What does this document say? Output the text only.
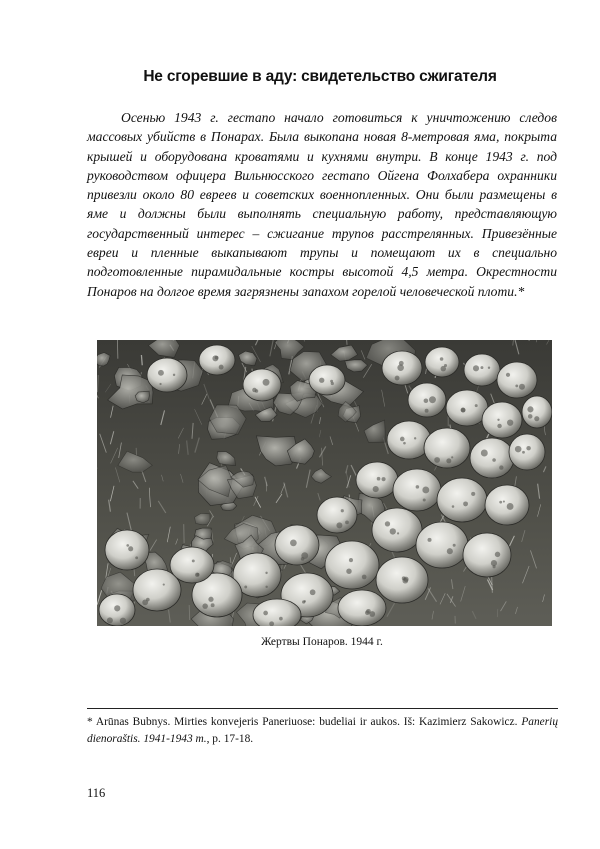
Не сгоревшие в аду: свидетельство сжигателя

Осенью 1943 г. гестапо начало готовиться к уничтожению следов массовых убийств в Понарах. Была выкопана новая 8-метровая яма, покрыта крышей и оборудована кроватями и кухнями внутри. В конце 1943 г. под руководством офицера Вильнюсского гестапо Ойгена Фолхабера охранники привезли около 80 евреев и советских военнопленных. Они были размещены в яме и должны были выполнять специальную работу, представляющую государственный интерес – сжигание трупов расстрелянных. Привезённые евреи и пленные выкапывают трупы и помещают их в специально подготовленные пирамидальные костры высотой 4,5 метра. Окрестности Понаров на долгое время загрязнены запахом горелой человеческой плоти.*

Жертвы Понаров. 1944 г.

* Arūnas Bubnys. Mirties konvejeris Paneriuose: budeliai ir aukos. Iš: Kazimierz Sakowicz. Panerių dienoraštis. 1941-1943 m., p. 17-18.

116
